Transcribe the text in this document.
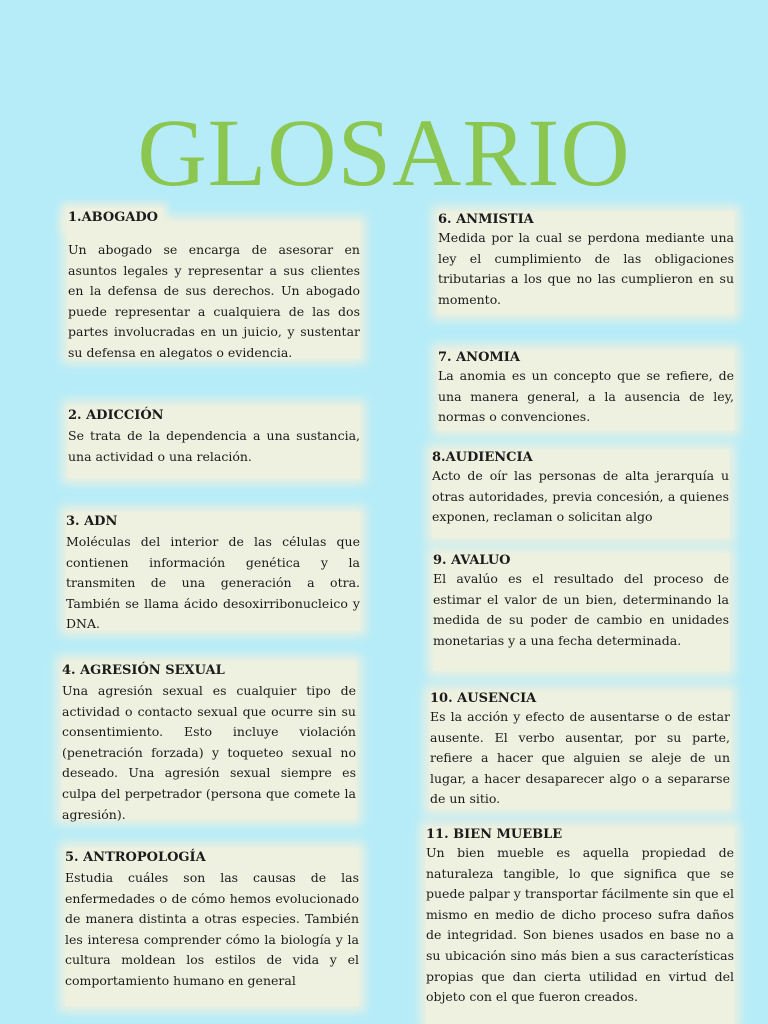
GLOSARIO
1.ABOGADO
Un abogado se encarga de asesorar en asuntos legales y representar a sus clientes en la defensa de sus derechos. Un abogado puede representar a cualquiera de las dos partes involucradas en un juicio, y sustentar su defensa en alegatos o evidencia.
2. ADICCIÓN
Se trata de la dependencia a una sustancia, una actividad o una relación.
3. ADN
Moléculas del interior de las células que contienen información genética y la transmiten de una generación a otra. También se llama ácido desoxirribonucleico y DNA.
4. AGRESIÓN SEXUAL
Una agresión sexual es cualquier tipo de actividad o contacto sexual que ocurre sin su consentimiento. Esto incluye violación (penetración forzada) y toqueteo sexual no deseado. Una agresión sexual siempre es culpa del perpetrador (persona que comete la agresión).
5. ANTROPOLOGÍA
Estudia cuáles son las causas de las enfermedades o de cómo hemos evolucionado de manera distinta a otras especies. También les interesa comprender cómo la biología y la cultura moldean los estilos de vida y el comportamiento humano en general
6. ANMISTIA
Medida por la cual se perdona mediante una ley el cumplimiento de las obligaciones tributarias a los que no las cumplieron en su momento.
7. ANOMIA
La anomia es un concepto que se refiere, de una manera general, a la ausencia de ley, normas o convenciones.
8.AUDIENCIA
Acto de oír las personas de alta jerarquía u otras autoridades, previa concesión, a quienes exponen, reclaman o solicitan algo
9. AVALUO
El avalúo es el resultado del proceso de estimar el valor de un bien, determinando la medida de su poder de cambio en unidades monetarias y a una fecha determinada.
10. AUSENCIA
Es la acción y efecto de ausentarse o de estar ausente. El verbo ausentar, por su parte, refiere a hacer que alguien se aleje de un lugar, a hacer desaparecer algo o a separarse de un sitio.
11. BIEN MUEBLE
Un bien mueble es aquella propiedad de naturaleza tangible, lo que significa que se puede palpar y transportar fácilmente sin que el mismo en medio de dicho proceso sufra daños de integridad. Son bienes usados en base no a su ubicación sino más bien a sus características propias que dan cierta utilidad en virtud del objeto con el que fueron creados.
